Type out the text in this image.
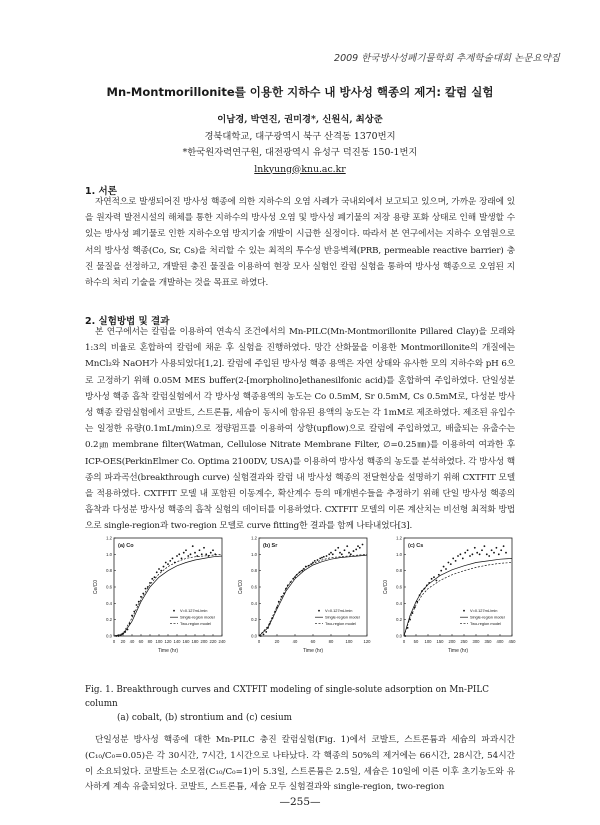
2009 한국방사성폐기물학회 추계학술대회 논문요약집
Mn-Montmorillonite를 이용한 지하수 내 방사성 핵종의 제거: 칼럼 실험
이남경, 박연진, 권미경*, 신원식, 최상준
경북대학교, 대구광역시 북구 산격동 1370번지
*한국원자력연구원, 대전광역시 유성구 덕진동 150-1번지
lnkyung@knu.ac.kr
1. 서론

자연적으로 발생되어진 방사성 핵종에 의한 지하수의 오염 사례가 국내외에서 보고되고 있으며, 가까운 장래에 있을 원자력 발전시설의 해체를 통한 지하수의 방사성 오염 및 방사성 폐기물의 저장 용량 포화 상태로 인해 발생할 수 있는 방사성 폐기물로 인한 지하수오염 방지기술 개발이 시급한 실정이다. 따라서 본 연구에서는 지하수 오염원으로서의 방사성 핵종(Co, Sr, Cs)을 처리할 수 있는 최적의 투수성 반응벽체(PRB, permeable reactive barrier) 충진 물질을 선정하고, 개발된 충진 물질을 이용하여 현장 모사 실험인 칼럼 실험을 통하여 방사성 핵종으로 오염된 지하수의 처리 기술을 개발하는 것을 목표로 하였다.

2. 실험방법 및 결과

본 연구에서는 칼럼을 이용하여 연속식 조건에서의 Mn-PILC(Mn-Montmorillonite Pillared Clay)을 모래와 1:3의 비율로 혼합하여 칼럼에 채운 후 실험을 진행하였다. 망간 산화물을 이용한 Montmorillonite의 개질에는 MnCl₂와 NaOH가 사용되었다[1,2]. 칼럼에 주입된 방사성 핵종 용액은 자연 상태와 유사한 모의 지하수와 pH 6으로 고정하기 위해 0.05M MES buffer(2-[morpholino]ethanesilfonic acid)를 혼합하여 주입하였다. 단일성분 방사성 핵종 흡착 칼럼실험에서 각 방사성 핵종용액의 농도는 Co 0.5mM, Sr 0.5mM, Cs 0.5mM로, 다성분 방사성 핵종 칼럼실험에서 코발트, 스트론튬, 세슘이 동시에 함유된 용액의 농도는 각 1mM로 제조하였다. 제조된 유입수는 일정한 유량(0.1mL/min)으로 정량펌프를 이용하여 상향(upflow)으로 칼럼에 주입하였고, 배출되는 유출수는 0.2㎛ membrane filter(Watman, Cellulose Nitrate Membrane Filter, ∅=0.25㎜)를 이용하여 여과한 후 ICP-OES(PerkinElmer Co. Optima 2100DV, USA)를 이용하여 방사성 핵종의 농도를 분석하였다. 각 방사성 핵종의 파과곡선(breakthrough curve) 실험결과와 칼럼 내 방사성 핵종의 전달현상을 설명하기 위해 CXTFIT 모델을 적용하였다. CXTFIT 모델 내 포함된 이동계수, 확산계수 등의 매개변수들을 추정하기 위해 단일 방사성 핵종의 흡착과 다성분 방사성 핵종의 흡착 실험의 데이터를 이용하였다. CXTFIT 모델의 이론 계산치는 비선형 최적화 방법으로 single-region과 two-region 모델로 curve fitting한 결과를 함께 나타내었다[3].

0 20 40 60 80 100 120 140 160 180 200 220 240
0.0
0.2
0.4
0.6
0.8
1.0
1.2
Time (hr)
Ce/C0
(a) Co
V=0.127mL/min
Single-region model
Two-region model
0	20	40	60	80	100	120
0.0
0.2
0.4
0.6
0.8
1.0
1.2
Time (hr)
Ce/C0
(b) Sr
V=0.127mL/min
Single-region model
Two-region model
0 50 100 150 200 250 300 350 400 450
0.0
0.2
0.4
0.6
0.8
1.0
1.2
Time (hr)
Ce/C0
(c) Cs
V=0.127mL/min
Single-region model
Two-region model
Fig. 1. Breakthrough curves and CXTFIT modeling of single-solute adsorption on Mn-PILC column
(a) cobalt, (b) strontium and (c) cesium

단일성분 방사성 핵종에 대한 Mn-PILC 충진 칼럼실험(Fig. 1)에서 코발트, 스트론튬과 세슘의 파과시간(C₁₀/C₀=0.05)은 각 30시간, 7시간, 1시간으로 나타났다. 각 핵종의 50%의 제거에는 66시간, 28시간, 54시간이 소요되었다. 코발트는 소모점(C₁₀/C₀=1)이 5.3일, 스트론튬은 2.5일, 세슘은 10일에 이른 이후 초기농도와 유사하게 계속 유출되었다. 코발트, 스트론튬, 세슘 모두 실험결과와 single-region, two-region

—255—
